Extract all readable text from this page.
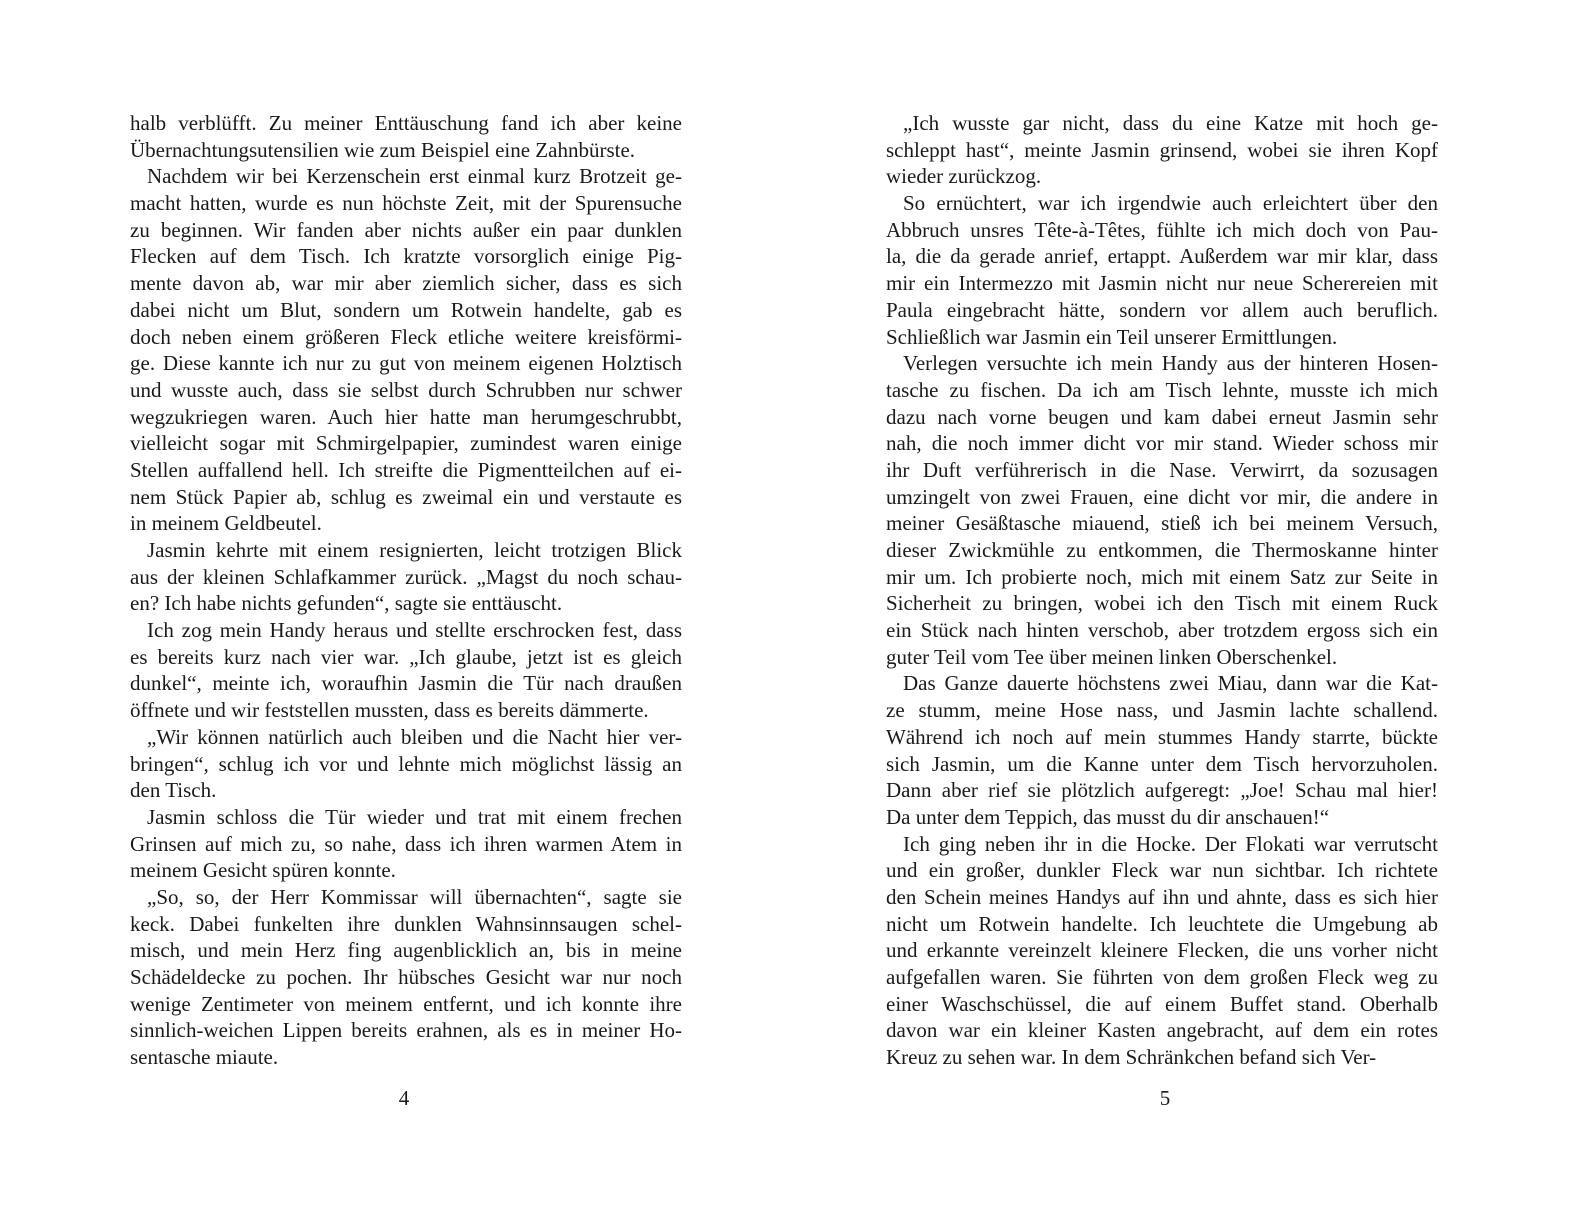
halb verblüfft. Zu meiner Enttäuschung fand ich aber keine
Übernachtungsutensilien wie zum Beispiel eine Zahnbürste.
Nachdem wir bei Kerzenschein erst einmal kurz Brotzeit ge-
macht hatten, wurde es nun höchste Zeit, mit der Spurensuche
zu beginnen. Wir fanden aber nichts außer ein paar dunklen
Flecken auf dem Tisch. Ich kratzte vorsorglich einige Pig-
mente davon ab, war mir aber ziemlich sicher, dass es sich
dabei nicht um Blut, sondern um Rotwein handelte, gab es
doch neben einem größeren Fleck etliche weitere kreisförmi-
ge. Diese kannte ich nur zu gut von meinem eigenen Holztisch
und wusste auch, dass sie selbst durch Schrubben nur schwer
wegzukriegen waren. Auch hier hatte man herumgeschrubbt,
vielleicht sogar mit Schmirgelpapier, zumindest waren einige
Stellen auffallend hell. Ich streifte die Pigmentteilchen auf ei-
nem Stück Papier ab, schlug es zweimal ein und verstaute es
in meinem Geldbeutel.
Jasmin kehrte mit einem resignierten, leicht trotzigen Blick
aus der kleinen Schlafkammer zurück. „Magst du noch schau-
en? Ich habe nichts gefunden“, sagte sie enttäuscht.
Ich zog mein Handy heraus und stellte erschrocken fest, dass
es bereits kurz nach vier war. „Ich glaube, jetzt ist es gleich
dunkel“, meinte ich, woraufhin Jasmin die Tür nach draußen
öffnete und wir feststellen mussten, dass es bereits dämmerte.
„Wir können natürlich auch bleiben und die Nacht hier ver-
bringen“, schlug ich vor und lehnte mich möglichst lässig an
den Tisch.
Jasmin schloss die Tür wieder und trat mit einem frechen
Grinsen auf mich zu, so nahe, dass ich ihren warmen Atem in
meinem Gesicht spüren konnte.
„So, so, der Herr Kommissar will übernachten“, sagte sie
keck. Dabei funkelten ihre dunklen Wahnsinnsaugen schel-
misch, und mein Herz fing augenblicklich an, bis in meine
Schädeldecke zu pochen. Ihr hübsches Gesicht war nur noch
wenige Zentimeter von meinem entfernt, und ich konnte ihre
sinnlich-weichen Lippen bereits erahnen, als es in meiner Ho-
sentasche miaute.
4
„Ich wusste gar nicht, dass du eine Katze mit hoch ge-
schleppt hast“, meinte Jasmin grinsend, wobei sie ihren Kopf
wieder zurückzog.
So ernüchtert, war ich irgendwie auch erleichtert über den
Abbruch unsres Tête-à-Têtes, fühlte ich mich doch von Pau-
la, die da gerade anrief, ertappt. Außerdem war mir klar, dass
mir ein Intermezzo mit Jasmin nicht nur neue Scherereien mit
Paula eingebracht hätte, sondern vor allem auch beruflich.
Schließlich war Jasmin ein Teil unserer Ermittlungen.
Verlegen versuchte ich mein Handy aus der hinteren Hosen-
tasche zu fischen. Da ich am Tisch lehnte, musste ich mich
dazu nach vorne beugen und kam dabei erneut Jasmin sehr
nah, die noch immer dicht vor mir stand. Wieder schoss mir
ihr Duft verführerisch in die Nase. Verwirrt, da sozusagen
umzingelt von zwei Frauen, eine dicht vor mir, die andere in
meiner Gesäßtasche miauend, stieß ich bei meinem Versuch,
dieser Zwickmühle zu entkommen, die Thermoskanne hinter
mir um. Ich probierte noch, mich mit einem Satz zur Seite in
Sicherheit zu bringen, wobei ich den Tisch mit einem Ruck
ein Stück nach hinten verschob, aber trotzdem ergoss sich ein
guter Teil vom Tee über meinen linken Oberschenkel.
Das Ganze dauerte höchstens zwei Miau, dann war die Kat-
ze stumm, meine Hose nass, und Jasmin lachte schallend.
Während ich noch auf mein stummes Handy starrte, bückte
sich Jasmin, um die Kanne unter dem Tisch hervorzuholen.
Dann aber rief sie plötzlich aufgeregt: „Joe! Schau mal hier!
Da unter dem Teppich, das musst du dir anschauen!“
Ich ging neben ihr in die Hocke. Der Flokati war verrutscht
und ein großer, dunkler Fleck war nun sichtbar. Ich richtete
den Schein meines Handys auf ihn und ahnte, dass es sich hier
nicht um Rotwein handelte. Ich leuchtete die Umgebung ab
und erkannte vereinzelt kleinere Flecken, die uns vorher nicht
aufgefallen waren. Sie führten von dem großen Fleck weg zu
einer Waschschüssel, die auf einem Buffet stand. Oberhalb
davon war ein kleiner Kasten angebracht, auf dem ein rotes
Kreuz zu sehen war. In dem Schränkchen befand sich Ver-
5
